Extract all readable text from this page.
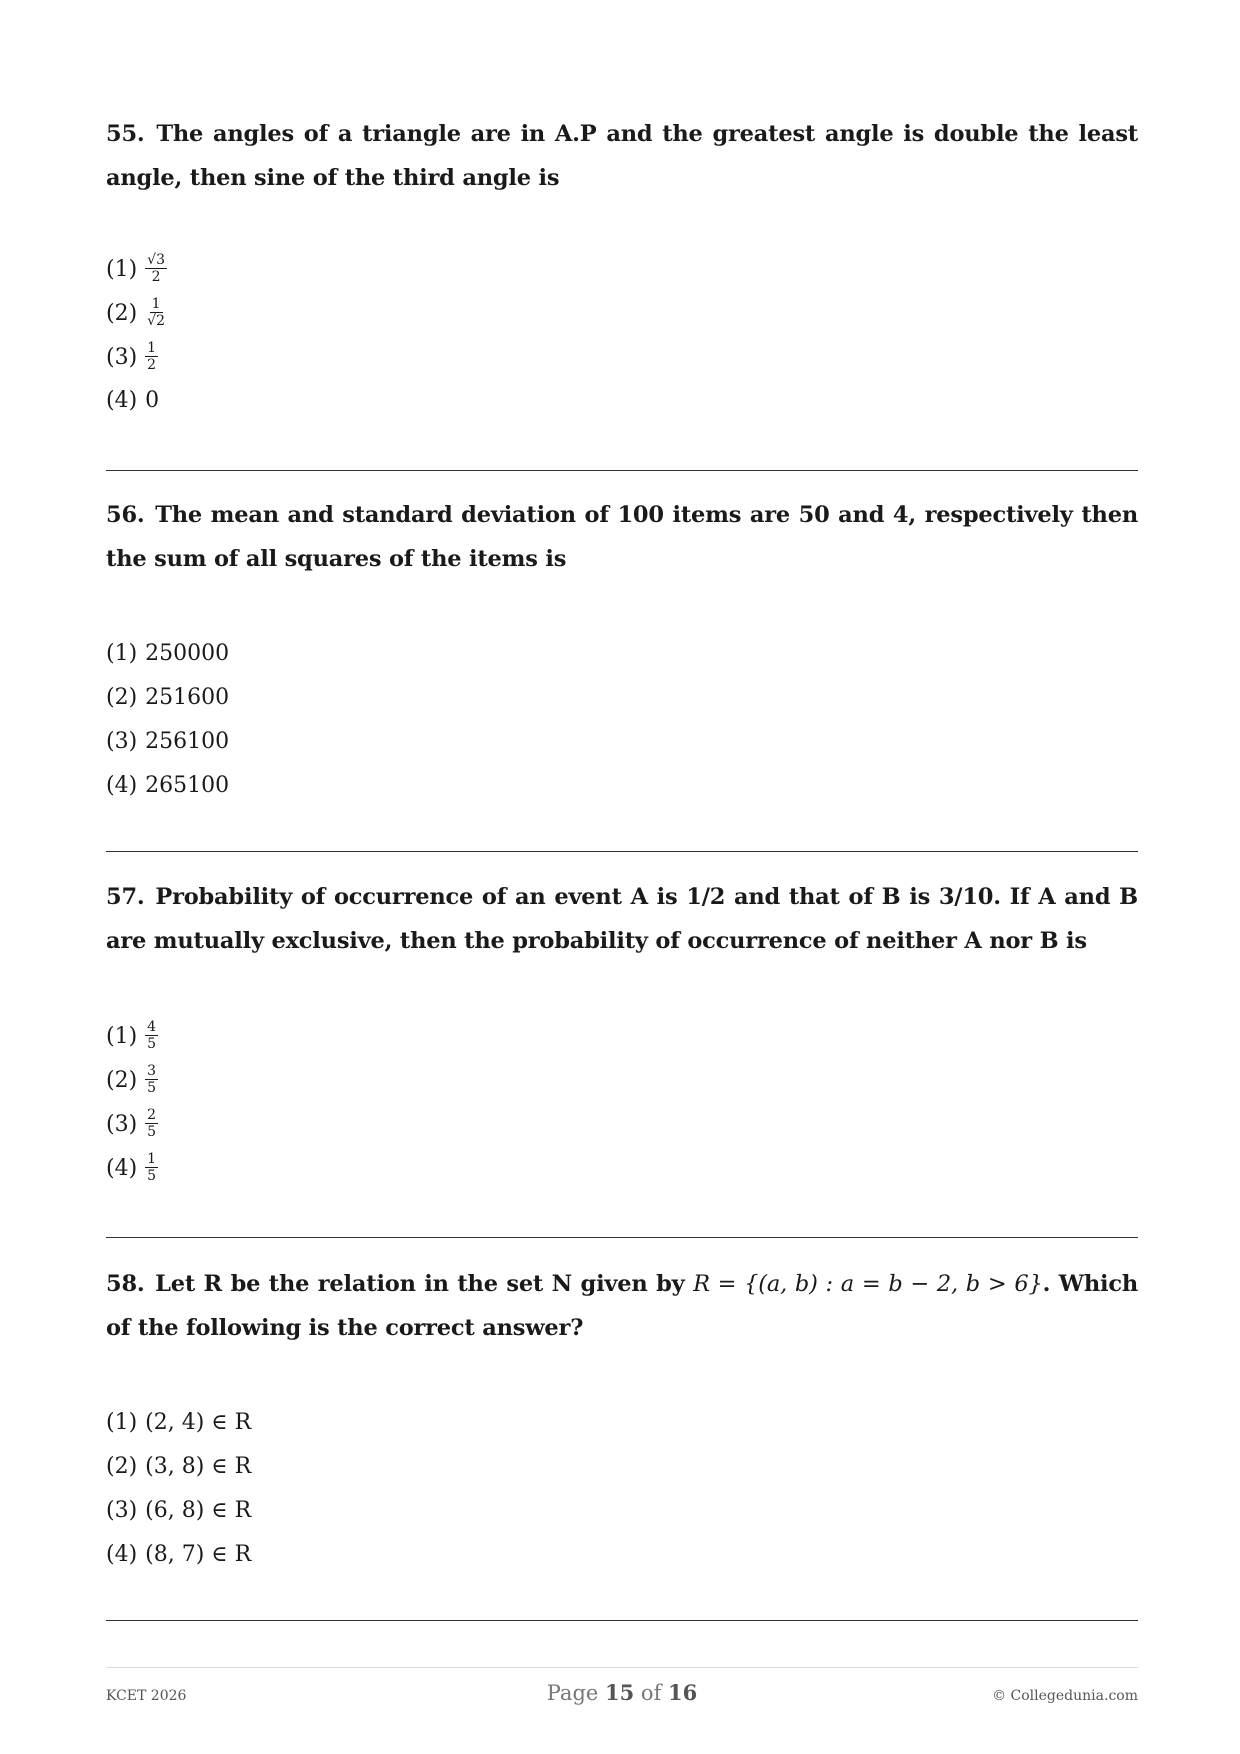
55. The angles of a triangle are in A.P and the greatest angle is double the least angle, then sine of the third angle is

$(1) \frac{√3}{2}$
$(2) \frac{1}{√2}$
$(3) \frac{1}{2}$
(4) 0

56. The mean and standard deviation of 100 items are 50 and 4, respectively then the sum of all squares of the items is

(1) 250000
(2) 251600
(3) 256100
(4) 265100

57. Probability of occurrence of an event A is 1/2 and that of B is 3/10. If A and B are mutually exclusive, then the probability of occurrence of neither A nor B is

$(1) \frac{4}{5}$
$(2) \frac{3}{5}$
$(3) \frac{2}{5}$
$(4) \frac{1}{5}$

58. Let R be the relation in the set N given by R = {(a, b) : a = b − 2, b > 6}. Which of the following is the correct answer?

(1) (2, 4) ∈ R
(2) (3, 8) ∈ R
(3) (6, 8) ∈ R
(4) (8, 7) ∈ R
KCET 2026	Page 15 of 16	© Collegedunia.com
